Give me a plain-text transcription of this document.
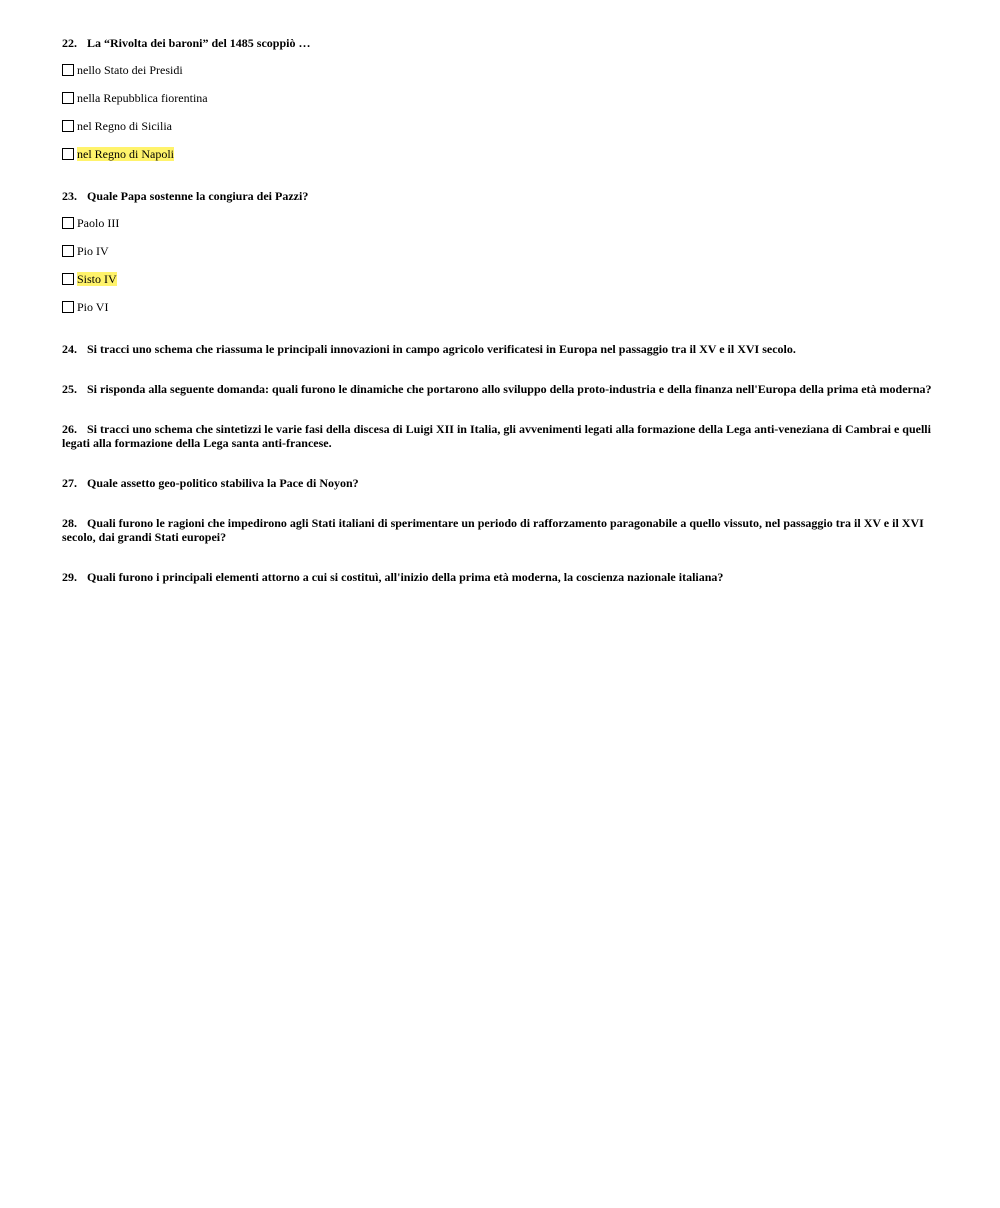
22. La “Rivolta dei baroni” del 1485 scoppiò …
nello Stato dei Presidi
nella Repubblica fiorentina
nel Regno di Sicilia
nel Regno di Napoli
23. Quale Papa sostenne la congiura dei Pazzi?
Paolo III
Pio IV
Sisto IV
Pio VI
24. Si tracci uno schema che riassuma le principali innovazioni in campo agricolo verificatesi in Europa nel passaggio tra il XV e il XVI secolo.
25. Si risponda alla seguente domanda: quali furono le dinamiche che portarono allo sviluppo della proto-industria e della finanza nell'Europa della prima età moderna?
26. Si tracci uno schema che sintetizzi le varie fasi della discesa di Luigi XII in Italia, gli avvenimenti legati alla formazione della Lega anti-veneziana di Cambrai e quelli legati alla formazione della Lega santa anti-francese.
27. Quale assetto geo-politico stabiliva la Pace di Noyon?
28. Quali furono le ragioni che impedirono agli Stati italiani di sperimentare un periodo di rafforzamento paragonabile a quello vissuto, nel passaggio tra il XV e il XVI secolo, dai grandi Stati europei?
29. Quali furono i principali elementi attorno a cui si costituì, all'inizio della prima età moderna, la coscienza nazionale italiana?
